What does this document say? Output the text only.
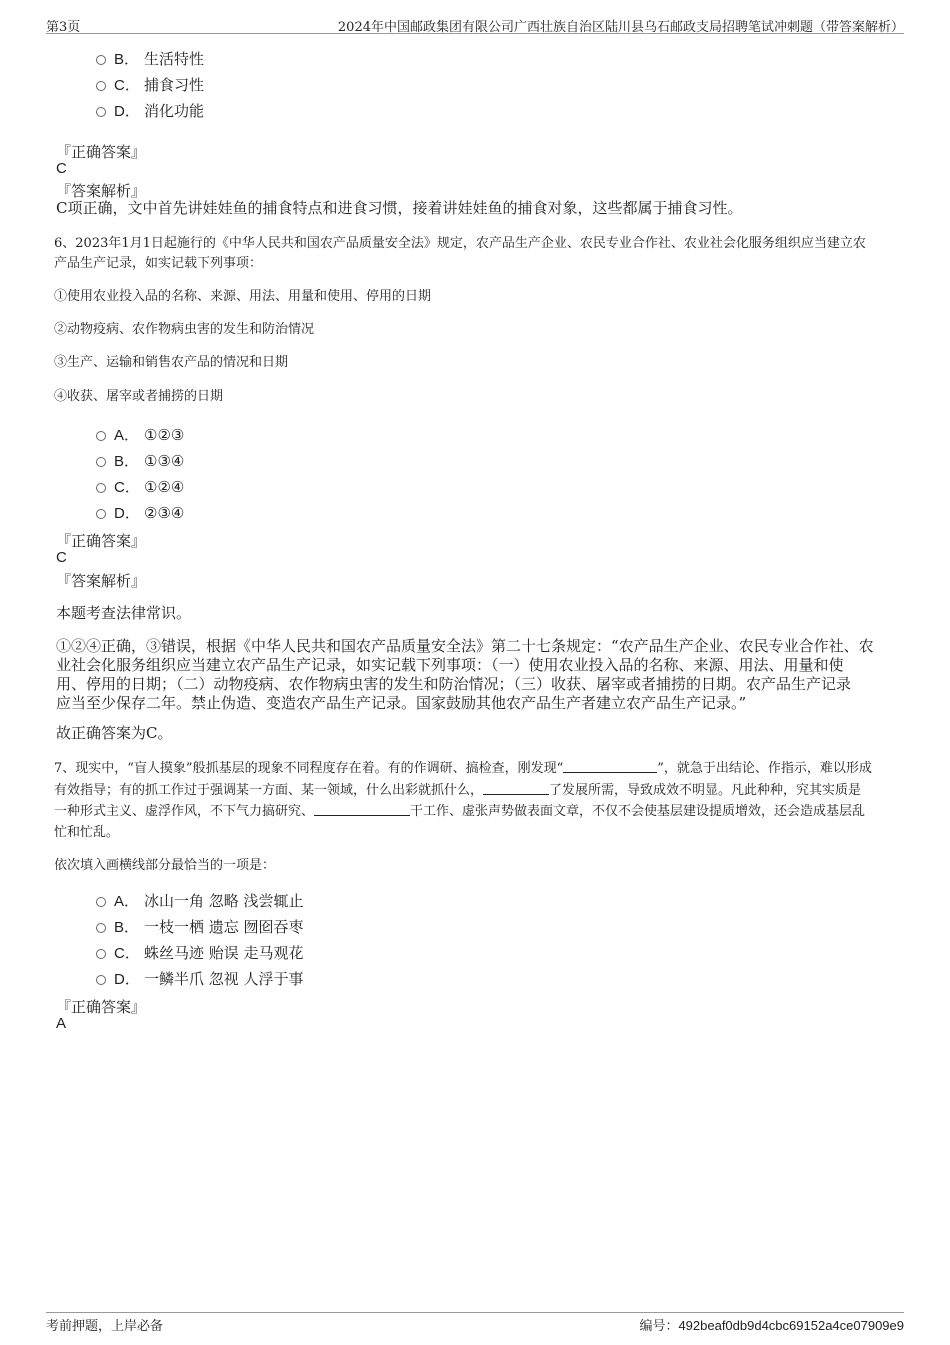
第3页	2024年中国邮政集团有限公司广西壮族自治区陆川县乌石邮政支局招聘笔试冲刺题（带答案解析）
B． 生活特性
C． 捕食习性
D． 消化功能
『正确答案』
C
『答案解析』
C项正确，文中首先讲娃娃鱼的捕食特点和进食习惯，接着讲娃娃鱼的捕食对象，这些都属于捕食习性。
6、2023年1月1日起施行的《中华人民共和国农产品质量安全法》规定，农产品生产企业、农民专业合作社、农业社会化服务组织应当建立农
产品生产记录，如实记载下列事项：
①使用农业投入品的名称、来源、用法、用量和使用、停用的日期
②动物疫病、农作物病虫害的发生和防治情况
③生产、运输和销售农产品的情况和日期
④收获、屠宰或者捕捞的日期
A． ①②③
B． ①③④
C． ①②④
D． ②③④
『正确答案』
C
『答案解析』
本题考查法律常识。
①②④正确，③错误，根据《中华人民共和国农产品质量安全法》第二十七条规定：“农产品生产企业、农民专业合作社、农
业社会化服务组织应当建立农产品生产记录，如实记载下列事项：（一）使用农业投入品的名称、来源、用法、用量和使
用、停用的日期；（二）动物疫病、农作物病虫害的发生和防治情况；（三）收获、屠宰或者捕捞的日期。农产品生产记录
应当至少保存二年。禁止伪造、变造农产品生产记录。国家鼓励其他农产品生产者建立农产品生产记录。”
故正确答案为C。
7、现实中，“盲人摸象”般抓基层的现象不同程度存在着。有的作调研、搞检查，刚发现“	”，就急于出结论、作指示，难以形成
有效指导；有的抓工作过于强调某一方面、某一领域，什么出彩就抓什么，	了发展所需，导致成效不明显。凡此种种，究其实质是
一种形式主义、虚浮作风，不下气力搞研究、	干工作、虚张声势做表面文章，不仅不会使基层建设提质增效，还会造成基层乱
忙和忙乱。
依次填入画横线部分最恰当的一项是：
A． 冰山一角 忽略 浅尝辄止
B． 一枝一栖 遗忘 囫囵吞枣
C． 蛛丝马迹 贻误 走马观花
D． 一鳞半爪 忽视 人浮于事
『正确答案』
A
考前押题，上岸必备	编号：492beaf0db9d4cbc69152a4ce07909e9
